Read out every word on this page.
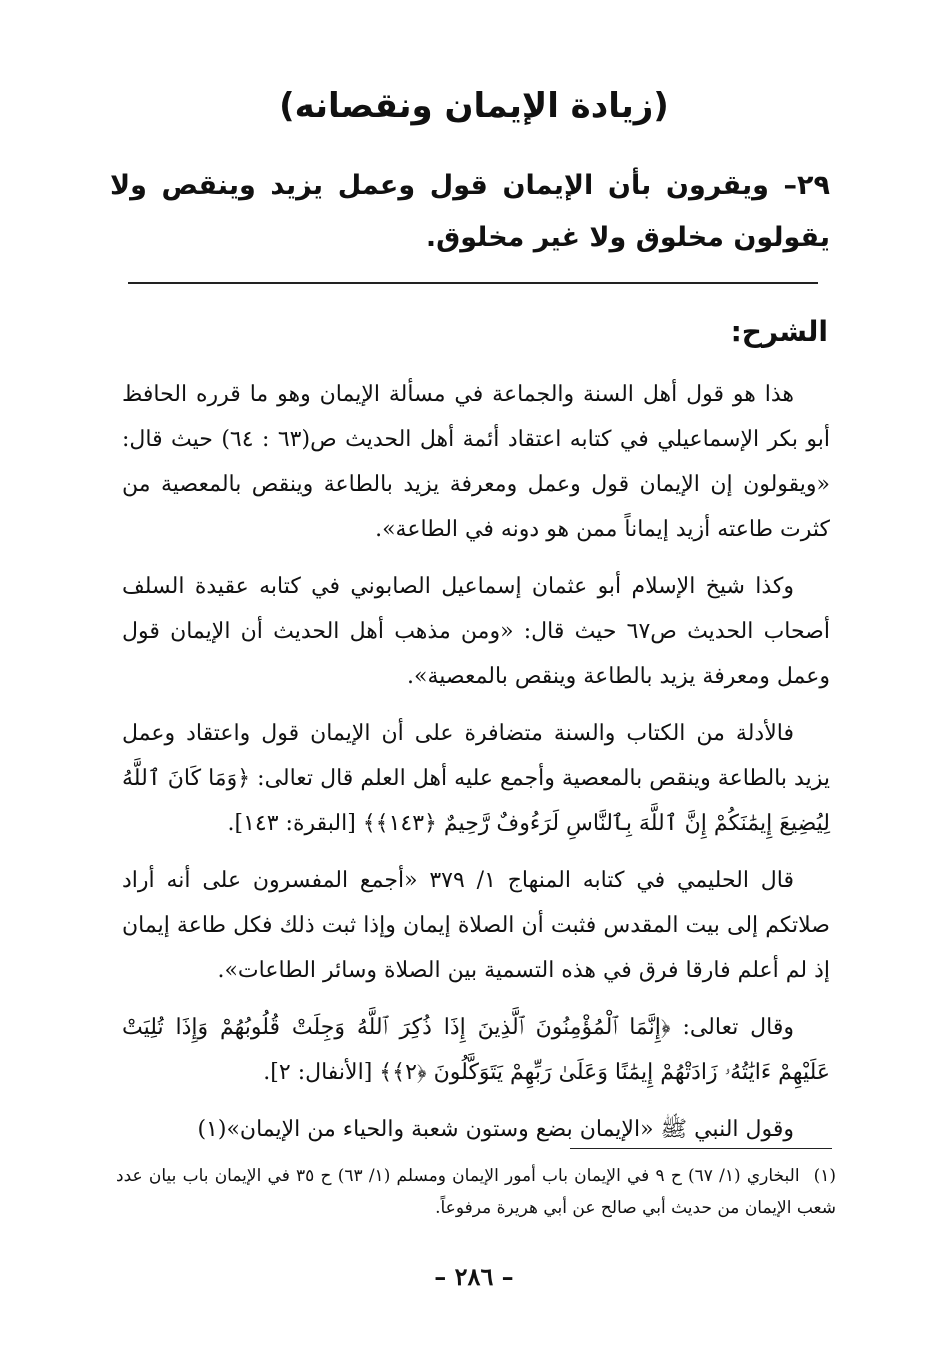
(زيادة الإيمان ونقصانه)
٢٩– ويقرون بأن الإيمان قول وعمل يزيد وينقص ولا يقولون مخلوق ولا غير مخلوق.
الشرح:

هذا هو قول أهل السنة والجماعة في مسألة الإيمان وهو ما قرره الحافظ أبو بكر الإسماعيلي في كتابه اعتقاد أئمة أهل الحديث ص(٦٣ : ٦٤) حيث قال: «ويقولون إن الإيمان قول وعمل ومعرفة يزيد بالطاعة وينقص بالمعصية من كثرت طاعته أزيد إيماناً ممن هو دونه في الطاعة».

وكذا شيخ الإسلام أبو عثمان إسماعيل الصابوني في كتابه عقيدة السلف أصحاب الحديث ص٦٧ حيث قال: «ومن مذهب أهل الحديث أن الإيمان قول وعمل ومعرفة يزيد بالطاعة وينقص بالمعصية».

فالأدلة من الكتاب والسنة متضافرة على أن الإيمان قول واعتقاد وعمل يزيد بالطاعة وينقص بالمعصية وأجمع عليه أهل العلم قال تعالى: ﴿وَمَا كَانَ ٱللَّهُ لِيُضِيعَ إِيمَٰنَكُمْ إِنَّ ٱللَّهَ بِٱلنَّاسِ لَرَءُوفٌ رَّحِيمٌ ﴿١٤٣﴾﴾ [البقرة: ١٤٣].

قال الحليمي في كتابه المنهاج ١/ ٣٧٩ «أجمع المفسرون على أنه أراد صلاتكم إلى بيت المقدس فثبت أن الصلاة إيمان وإذا ثبت ذلك فكل طاعة إيمان إذ لم أعلم فارقا فرق في هذه التسمية بين الصلاة وسائر الطاعات».

وقال تعالى: ﴿إِنَّمَا ٱلْمُؤْمِنُونَ ٱلَّذِينَ إِذَا ذُكِرَ ٱللَّهُ وَجِلَتْ قُلُوبُهُمْ وَإِذَا تُلِيَتْ عَلَيْهِمْ ءَايَٰتُهُۥ زَادَتْهُمْ إِيمَٰنًا وَعَلَىٰ رَبِّهِمْ يَتَوَكَّلُونَ ﴿٢﴾﴾ [الأنفال: ٢].

وقول النبي ﷺ «الإيمان بضع وستون شعبة والحياء من الإيمان»(١)

(١)البخاري (١/ ٦٧) ح ٩ في الإيمان باب أمور الإيمان ومسلم (١/ ٦٣) ح ٣٥ في الإيمان باب بيان عدد شعب الإيمان من حديث أبي صالح عن أبي هريرة مرفوعاً.
– ٢٨٦ –
